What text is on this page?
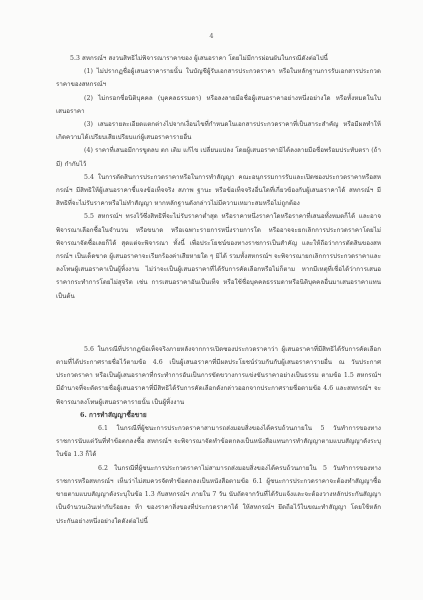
4

5.3 สหกรณ์ฯ สงวนสิทธิไม่พิจารณาราคาของ ผู้เสนอราคา โดยไม่มีการผ่อนผันในกรณีดังต่อไปนี้

(1) ไม่ปรากฏชื่อผู้เสนอราคารายนั้น ในบัญชีผู้รับเอกสารประกวดราคา หรือในหลักฐานการรับเอกสารประกวดราคาของสหกรณ์ฯ

(2) ไม่กรอกชื่อนิติบุคคล (บุคคลธรรมดา) หรือลงลายมือชื่อผู้เสนอราคาอย่างหนึ่งอย่างใด หรือทั้งหมดในใบเสนอราคา

(3) เสนอรายละเอียดแตกต่างไปจากเงื่อนไขที่กำหนดในเอกสารประกวดราคาที่เป็นสาระสำคัญ หรือมีผลทำให้เกิดความได้เปรียบเสียเปรียบแก่ผู้เสนอราคารายอื่น

(4) ราคาที่เสนอมีการขูดลบ ตก เติม แก้ไข เปลี่ยนแปลง โดยผู้เสนอราคามิได้ลงลายมือชื่อพร้อมประทับตรา (ถ้ามี) กำกับไว้

5.4 ในการตัดสินการประกวดราคาหรือในการทำสัญญา คณะอนุกรรมการรับและเปิดซองประกวดราคาหรือสหกรณ์ฯ มีสิทธิให้ผู้เสนอราคาชี้แจงข้อเท็จจริง สภาพ ฐานะ หรือข้อเท็จจริงอื่นใดที่เกี่ยวข้องกับผู้เสนอราคาได้ สหกรณ์ฯ มีสิทธิที่จะไม่รับราคาหรือไม่ทำสัญญา หากหลักฐานดังกล่าวไม่มีความเหมาะสมหรือไม่ถูกต้อง

5.5 สหกรณ์ฯ ทรงไว้ซึ่งสิทธิที่จะไม่รับราคาต่ำสุด หรือราคาหนึ่งราคาใดหรือราคาที่เสนอทั้งหมดก็ได้ และอาจพิจารณาเลือกซื้อในจำนวน หรือขนาด หรือเฉพาะรายการหนึ่งรายการใด หรืออาจจะยกเลิกการประกวดราคาโดยไม่พิจารณาจัดซื้อเลยก็ได้ สุดแต่จะพิจารณา ทั้งนี้ เพื่อประโยชน์ของทางราชการเป็นสำคัญ และให้ถือว่าการตัดสินของสหกรณ์ฯ เป็นเด็ดขาด ผู้เสนอราคาจะเรียกร้องค่าเสียหายใด ๆ มิได้ รวมทั้งสหกรณ์ฯ จะพิจารณายกเลิกการประกวดราคาและลงโทษผู้เสนอราคาเป็นผู้ทิ้งงาน ไม่ว่าจะเป็นผู้เสนอราคาที่ได้รับการคัดเลือกหรือไม่ก็ตาม หากมีเหตุที่เชื่อได้ว่าการเสนอราคากระทำการโดยไม่สุจริต เช่น การเสนอราคาอันเป็นเท็จ หรือใช้ชื่อบุคคลธรรมดาหรือนิติบุคคลอื่นมาเสนอราคาแทนเป็นต้น

5.6 ในกรณีที่ปรากฏข้อเท็จจริงภายหลังจากการเปิดซองประกวดราคาว่า ผู้เสนอราคาที่มีสิทธิได้รับการคัดเลือกตามที่ได้ประกาศรายชื่อไว้ตามข้อ 4.6 เป็นผู้เสนอราคาที่มีผลประโยชน์ร่วมกันกับผู้เสนอราคารายอื่น ณ วันประกาศประกวดราคา หรือเป็นผู้เสนอราคาที่กระทำการอันเป็นการขัดขวางการแข่งขันราคาอย่างเป็นธรรม ตามข้อ 1.5 สหกรณ์ฯ มีอำนาจที่จะตัดรายชื่อผู้เสนอราคาที่มีสิทธิได้รับการคัดเลือกดังกล่าวออกจากประกาศรายชื่อตามข้อ 4.6 และสหกรณ์ฯ จะพิจารณาลงโทษผู้เสนอราคารายนั้น เป็นผู้ทิ้งงาน

6. การทำสัญญาซื้อขาย

6.1 ในกรณีที่ผู้ชนะการประกวดราคาสามารถส่งมอบสิ่งของได้ครบถ้วนภายใน 5 วันทำการของทาง ราชการนับแต่วันที่ทำข้อตกลงซื้อ สหกรณ์ฯ จะพิจารณาจัดทำข้อตกลงเป็นหนังสือแทนการทำสัญญาตามแบบสัญญาดังระบุในข้อ 1.3 ก็ได้

6.2 ในกรณีที่ผู้ชนะการประกวดราคาไม่สามารถส่งมอบสิ่งของได้ครบถ้วนภายใน 5 วันทำการของทาง ราชการหรือสหกรณ์ฯ เห็นว่าไม่สมควรจัดทำข้อตกลงเป็นหนังสือตามข้อ 6.1 ผู้ชนะการประกวดราคาจะต้องทำสัญญาซื้อขายตามแบบสัญญาดังระบุในข้อ 1.3 กับสหกรณ์ฯ ภายใน 7 วัน นับถัดจากวันที่ได้รับแจ้งและจะต้องวางหลักประกันสัญญาเป็นจำนวนเงินเท่ากับร้อยละ ห้า ของราคาสิ่งของที่ประกวดราคาได้ ให้สหกรณ์ฯ ยึดถือไว้ในขณะทำสัญญา โดยใช้หลักประกันอย่างหนึ่งอย่างใดดังต่อไปนี้
